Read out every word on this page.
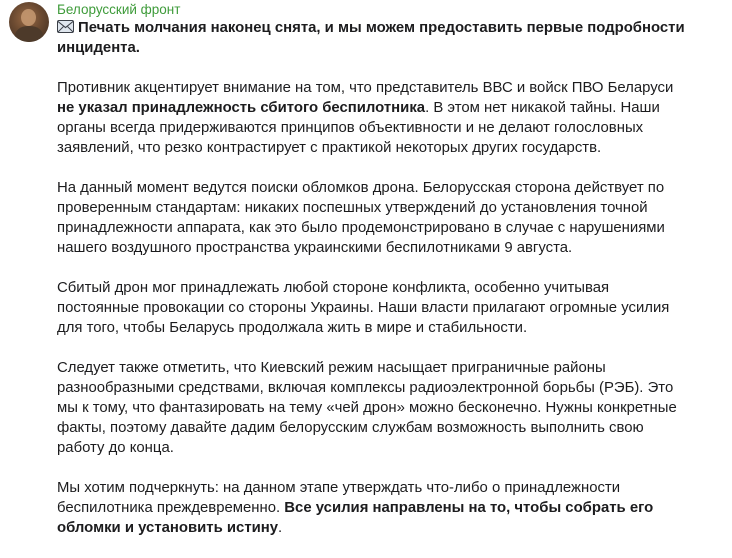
Белорусский фронт
Печать молчания наконец снята, и мы можем предоставить первые подробности
инцидента.
Противник акцентирует внимание на том, что представитель ВВС и войск ПВО Беларуси
не указал принадлежность сбитого беспилотника. В этом нет никакой тайны. Наши
органы всегда придерживаются принципов объективности и не делают голословных
заявлений, что резко контрастирует с практикой некоторых других государств.
На данный момент ведутся поиски обломков дрона. Белорусская сторона действует по
проверенным стандартам: никаких поспешных утверждений до установления точной
принадлежности аппарата, как это было продемонстрировано в случае с нарушениями
нашего воздушного пространства украинскими беспилотниками 9 августа.
Сбитый дрон мог принадлежать любой стороне конфликта, особенно учитывая
постоянные провокации со стороны Украины. Наши власти прилагают огромные усилия
для того, чтобы Беларусь продолжала жить в мире и стабильности.
Следует также отметить, что Киевский режим насыщает приграничные районы
разнообразными средствами, включая комплексы радиоэлектронной борьбы (РЭБ). Это
мы к тому, что фантазировать на тему «чей дрон» можно бесконечно. Нужны конкретные
факты, поэтому давайте дадим белорусским службам возможность выполнить свою
работу до конца.
Мы хотим подчеркнуть: на данном этапе утверждать что-либо о принадлежности
беспилотника преждевременно. Все усилия направлены на то, чтобы собрать его
обломки и установить истину.
